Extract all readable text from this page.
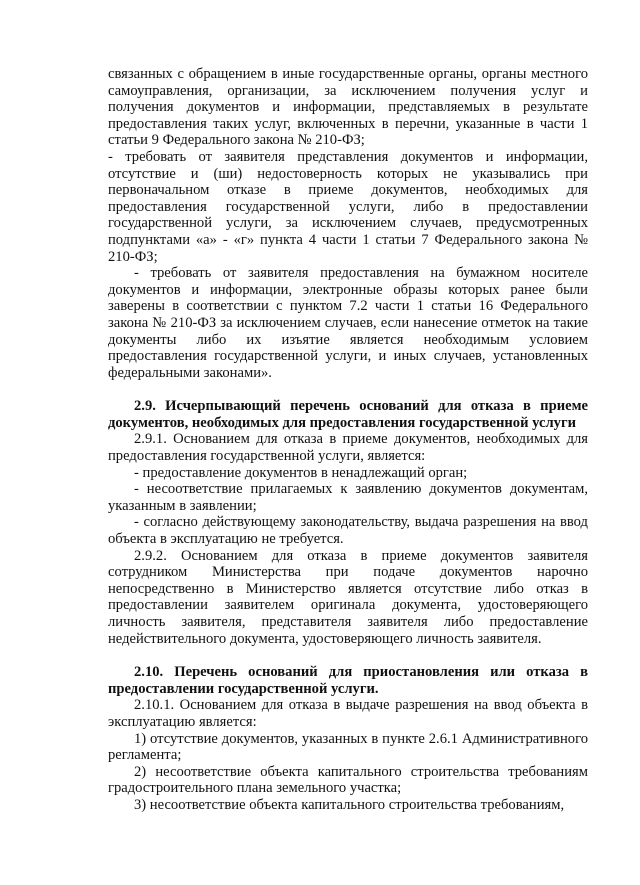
связанных с обращением в иные государственные органы, органы местного самоуправления, организации, за исключением получения услуг и получения документов и информации, представляемых в результате предоставления таких услуг, включенных в перечни, указанные в части 1 статьи 9 Федерального закона № 210-ФЗ;

- требовать от заявителя представления документов и информации, отсутствие и (ши) недостоверность которых не указывались при первоначальном отказе в приеме документов, необходимых для предоставления государственной услуги, либо в предоставлении государственной услуги, за исключением случаев, предусмотренных подпунктами «а» - «г» пункта 4 части 1 статьи 7 Федерального закона № 210-ФЗ;

- требовать от заявителя предоставления на бумажном носителе документов и информации, электронные образы которых ранее были заверены в соответствии с пунктом 7.2 части 1 статьи 16 Федерального закона № 210-ФЗ за исключением случаев, если нанесение отметок на такие документы либо их изъятие является необходимым условием предоставления государственной услуги, и иных случаев, установленных федеральными законами».

2.9. Исчерпывающий перечень оснований для отказа в приеме документов, необходимых для предоставления государственной услуги

2.9.1. Основанием для отказа в приеме документов, необходимых для предоставления государственной услуги, является:

- предоставление документов в ненадлежащий орган;

- несоответствие прилагаемых к заявлению документов документам, указанным в заявлении;

- согласно действующему законодательству, выдача разрешения на ввод объекта в эксплуатацию не требуется.

2.9.2. Основанием для отказа в приеме документов заявителя сотрудником Министерства при подаче документов нарочно непосредственно в Министерство является отсутствие либо отказ в предоставлении заявителем оригинала документа, удостоверяющего личность заявителя, представителя заявителя либо предоставление недействительного документа, удостоверяющего личность заявителя.

2.10. Перечень оснований для приостановления или отказа в предоставлении государственной услуги.

2.10.1. Основанием для отказа в выдаче разрешения на ввод объекта в эксплуатацию является:

1) отсутствие документов, указанных в пункте 2.6.1 Административного регламента;

2) несоответствие объекта капитального строительства требованиям градостроительного плана земельного участка;

3) несоответствие объекта капитального строительства требованиям,
